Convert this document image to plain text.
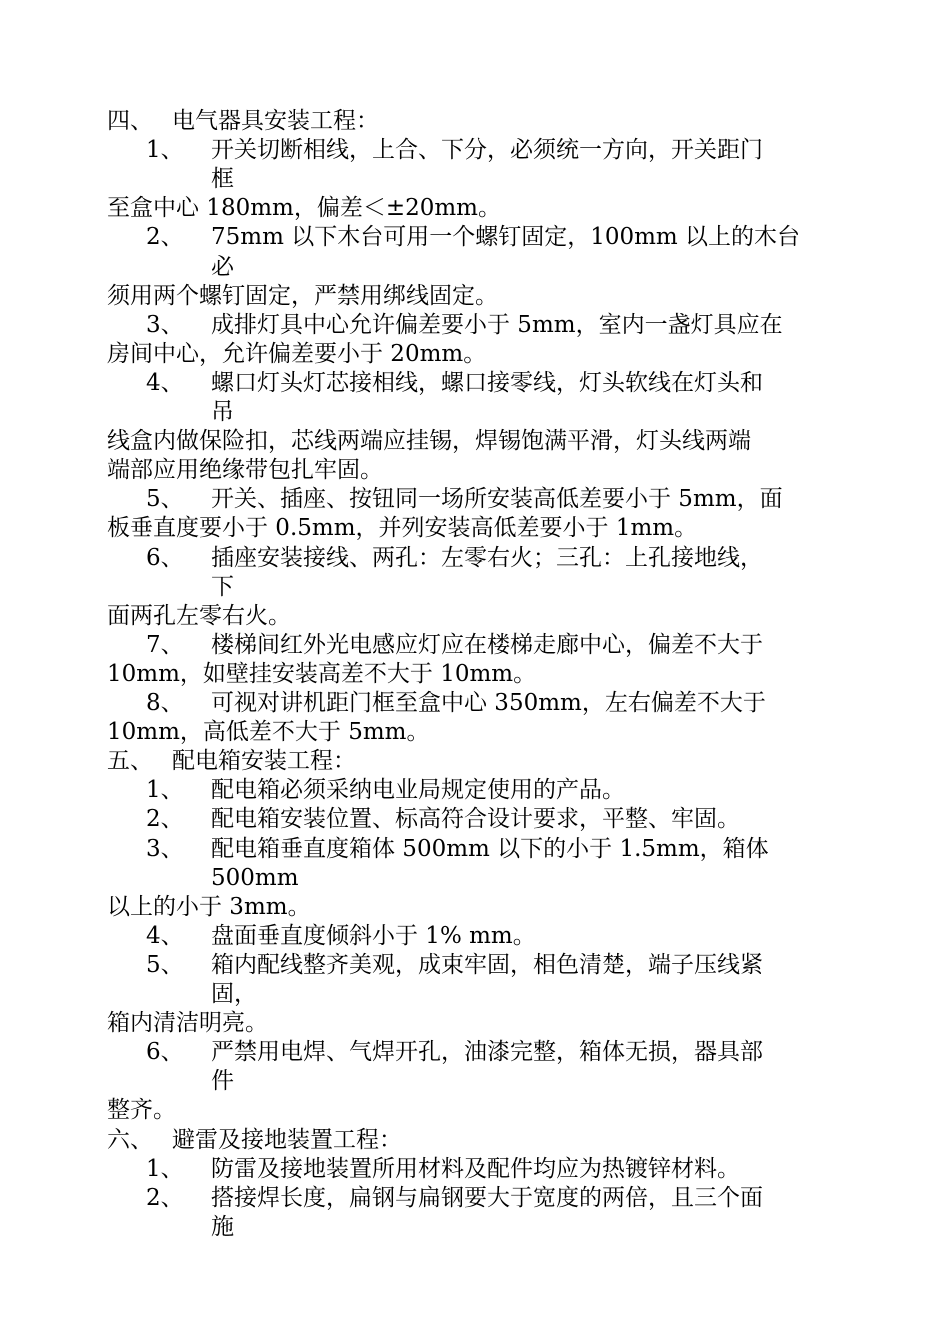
四、 电气器具安装工程：
1、 开关切断相线，上合、下分，必须统一方向，开关距门
框
至盒中心 180mm，偏差＜±20mm。
2、 75mm 以下木台可用一个螺钉固定，100mm 以上的木台
必
须用两个螺钉固定，严禁用绑线固定。
3、 成排灯具中心允许偏差要小于 5mm，室内一盏灯具应在
房间中心，允许偏差要小于 20mm。
4、 螺口灯头灯芯接相线，螺口接零线，灯头软线在灯头和
吊
线盒内做保险扣，芯线两端应挂锡，焊锡饱满平滑，灯头线两端
端部应用绝缘带包扎牢固。
5、 开关、插座、按钮同一场所安装高低差要小于 5mm，面
板垂直度要小于 0.5mm，并列安装高低差要小于 1mm。
6、 插座安装接线、两孔：左零右火；三孔：上孔接地线，
下
面两孔左零右火。
7、 楼梯间红外光电感应灯应在楼梯走廊中心，偏差不大于
10mm，如壁挂安装高差不大于 10mm。
8、 可视对讲机距门框至盒中心 350mm，左右偏差不大于
10mm，高低差不大于 5mm。
五、 配电箱安装工程：
1、 配电箱必须采纳电业局规定使用的产品。
2、 配电箱安装位置、标高符合设计要求，平整、牢固。
3、 配电箱垂直度箱体 500mm 以下的小于 1.5mm，箱体
500mm
以上的小于 3mm。
4、 盘面垂直度倾斜小于 1% mm。
5、 箱内配线整齐美观，成束牢固，相色清楚，端子压线紧
固，
箱内清洁明亮。
6、 严禁用电焊、气焊开孔，油漆完整，箱体无损，器具部
件
整齐。
六、 避雷及接地装置工程：
1、 防雷及接地装置所用材料及配件均应为热镀锌材料。
2、 搭接焊长度，扁钢与扁钢要大于宽度的两倍，且三个面
施
